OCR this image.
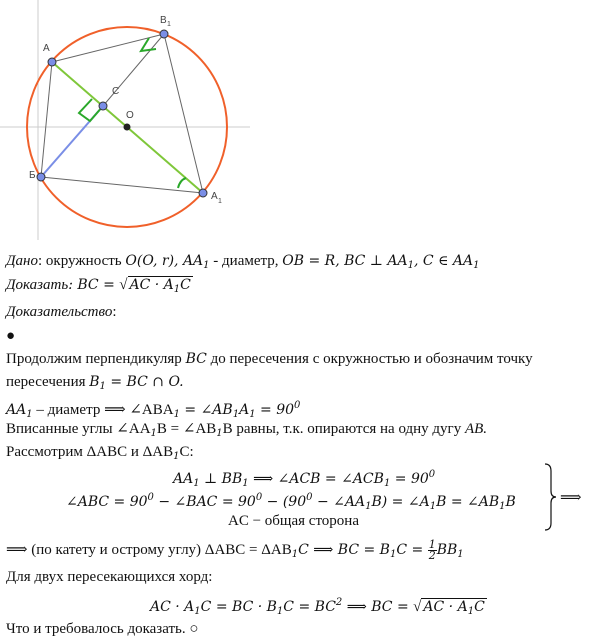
A
B 1
C
O
Б
A 1
Дано: окружность O(O, r), $AA_1$ - диаметр, OB = R, BC ⊥ $AA_1$, C ∈ $AA_1$
Доказать: BC = √ AC · $A_1C$
Доказательство:
●
Продолжим перпендикуляр BC до пересечения с окружностью и обозначим точку
пересечения $B_1$ = BC ∩ O.
$AA_1$ – диаметр ⟹ $\angle ABA_1$ = $\angle AB_1A_1 = 90^0$
Вписанные углы $\angle AA_1B$ = $\angle AB_1B$ равны, т.к. опираются на одну дугу AB.
Рассмотрим ΔABC и $\Delta AB_1C$:
$AA_1$ ⊥ $BB_1$ ⟹ ∠ACB = $\angle ACB_1 = 90^0$
∠ABC = $90^0$ − ∠BAC = $90^0 - (90^0$ − $\angle AA_1B$) = $\angle A_1B$ = $\angle AB_1B$
AC − общая сторона
⟹
⟹ (по катету и острому углу) $\Delta ABC = \Delta AB_1C$ ⟹ BC = $B_1C = \frac{1}{2} BB_1$
Для двух пересекающихся хорд:
AC · $A_1C$ = BC · $B_1C = BC^2$ ⟹ BC = √ AC · $A_1C$
Что и требовалось доказать. ○
